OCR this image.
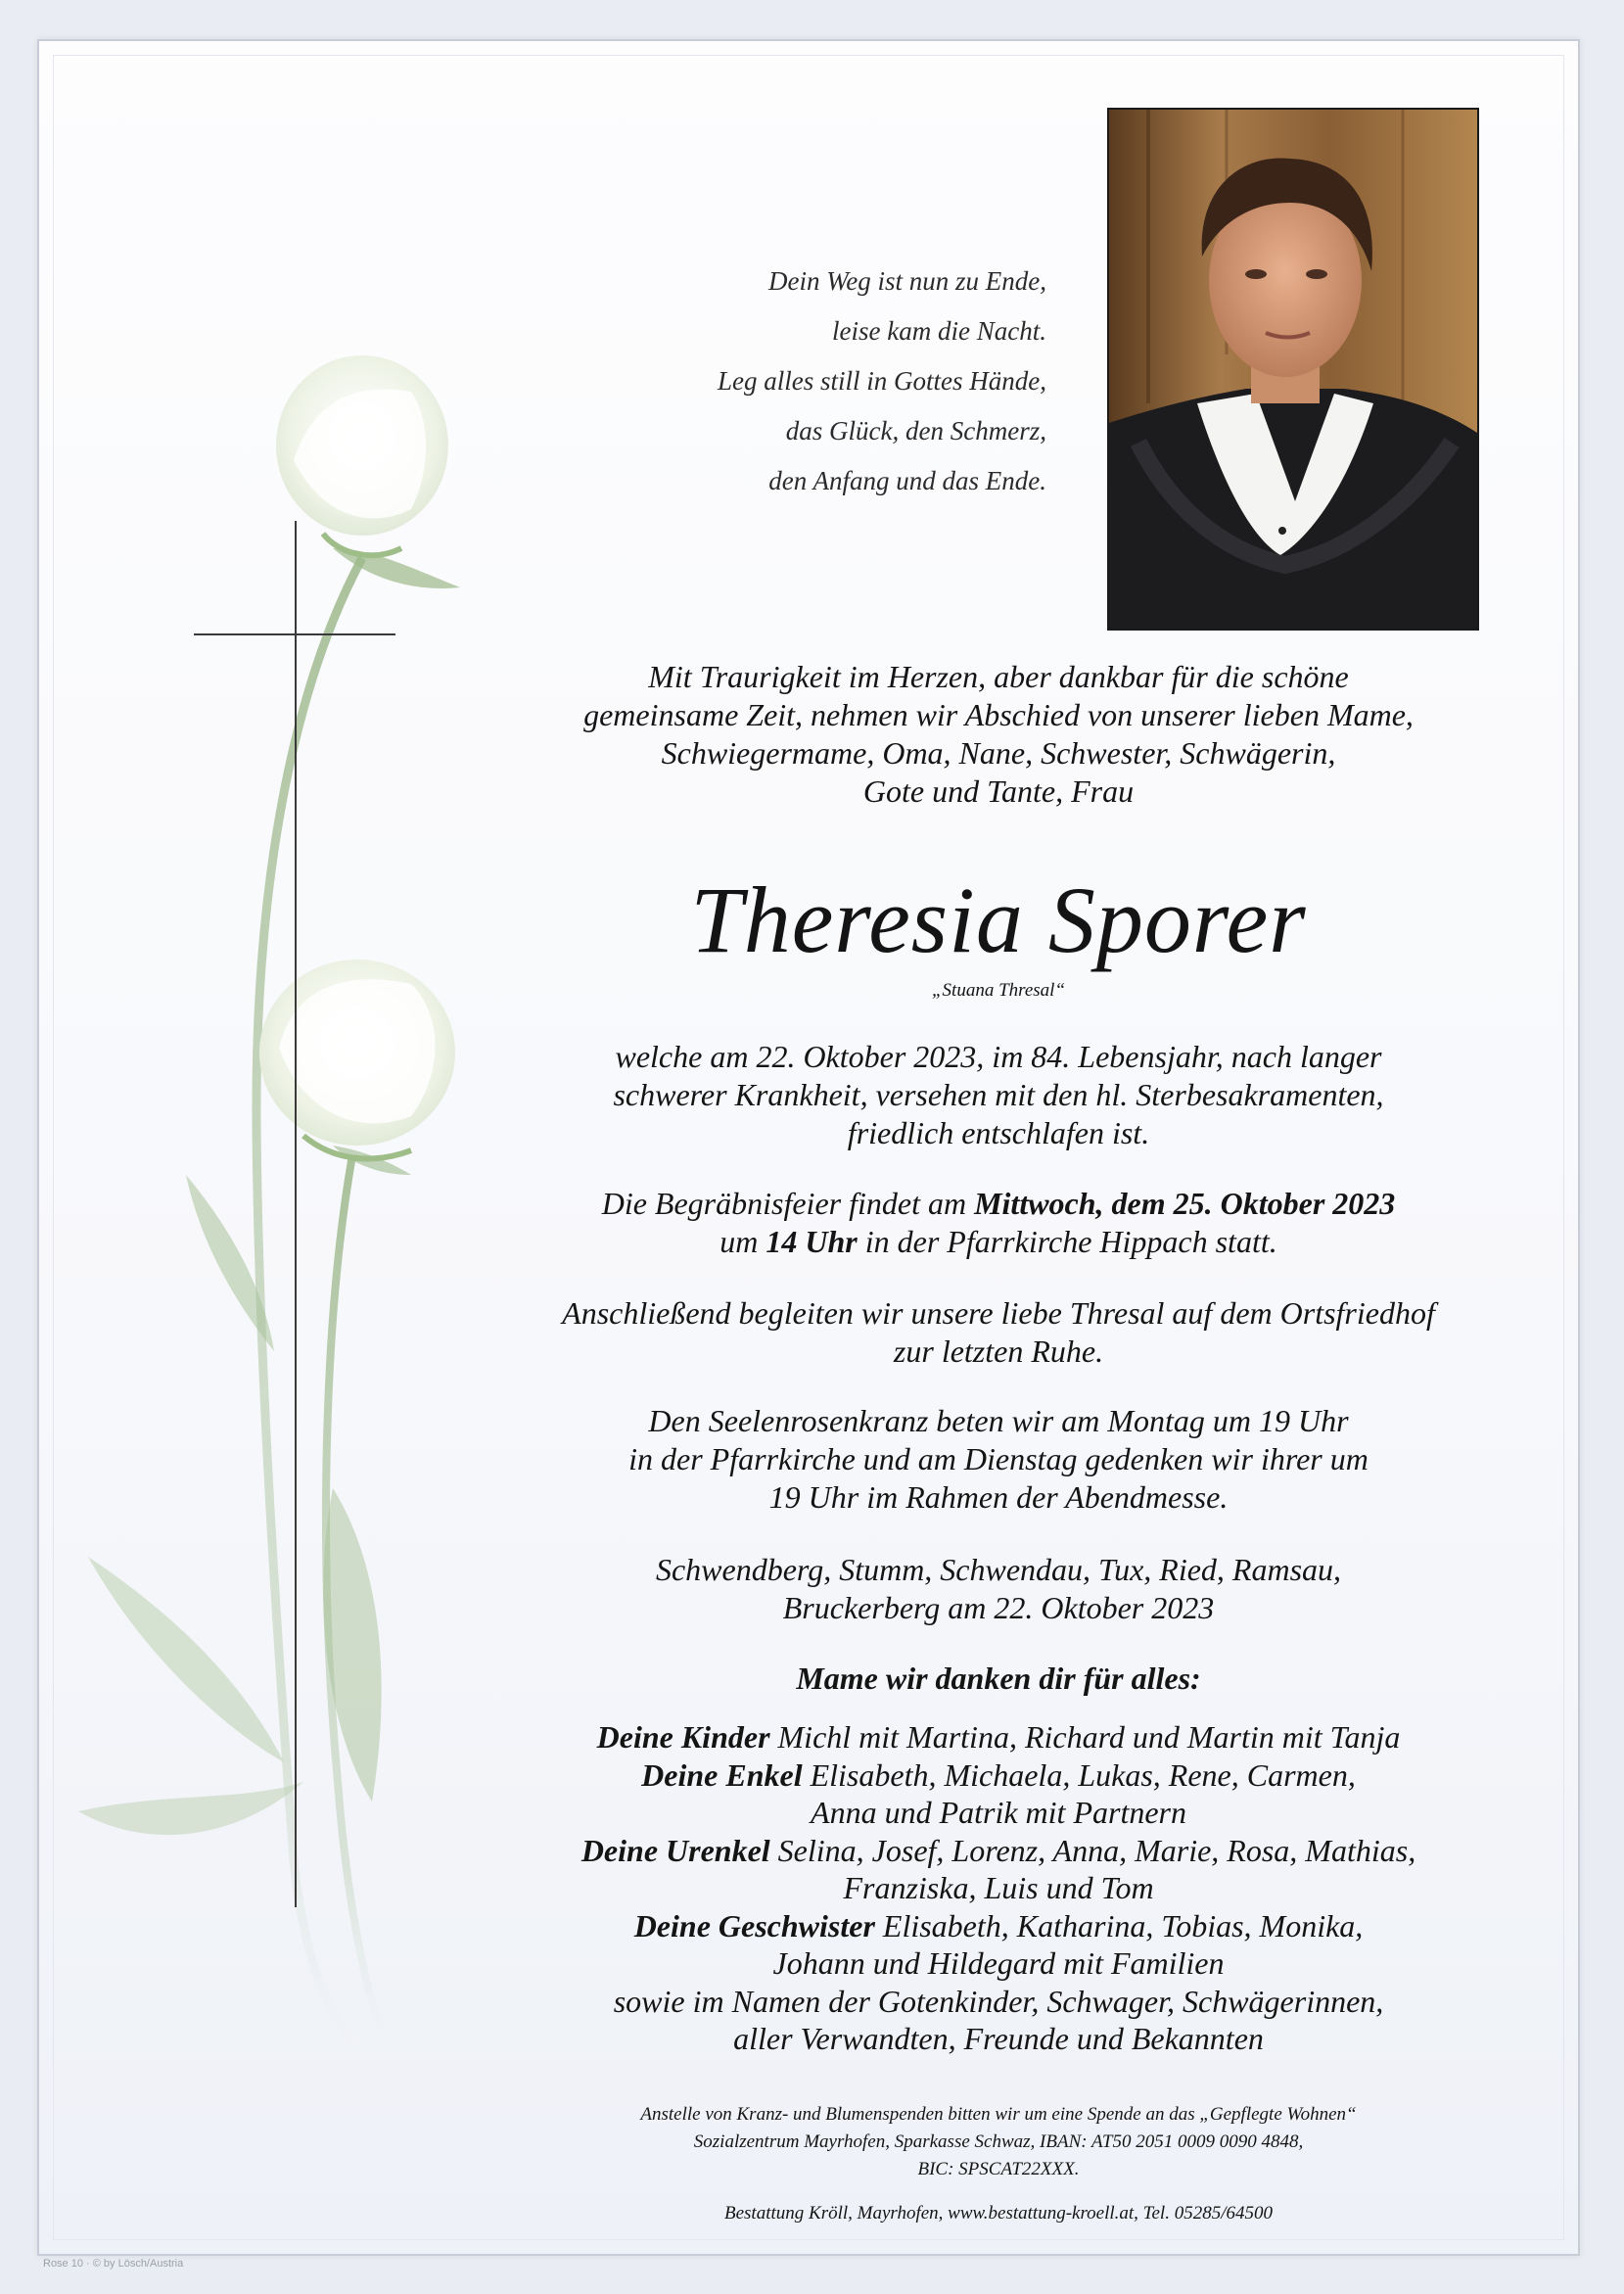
Dein Weg ist nun zu Ende,
leise kam die Nacht.
Leg alles still in Gottes Hände,
das Glück, den Schmerz,
den Anfang und das Ende.
Mit Traurigkeit im Herzen, aber dankbar für die schöne
gemeinsame Zeit, nehmen wir Abschied von unserer lieben Mame,
Schwiegermame, Oma, Nane, Schwester, Schwägerin,
Gote und Tante, Frau
Theresia Sporer
„Stuana Thresal“
welche am 22. Oktober 2023, im 84. Lebensjahr, nach langer
schwerer Krankheit, versehen mit den hl. Sterbesakramenten,
friedlich entschlafen ist.
Die Begräbnisfeier findet am Mittwoch, dem 25. Oktober 2023
um 14 Uhr in der Pfarrkirche Hippach statt.
Anschließend begleiten wir unsere liebe Thresal auf dem Ortsfriedhof
zur letzten Ruhe.
Den Seelenrosenkranz beten wir am Montag um 19 Uhr
in der Pfarrkirche und am Dienstag gedenken wir ihrer um
19 Uhr im Rahmen der Abendmesse.
Schwendberg, Stumm, Schwendau, Tux, Ried, Ramsau,
Bruckerberg am 22. Oktober 2023
Mame wir danken dir für alles:
Deine Kinder Michl mit Martina, Richard und Martin mit Tanja
Deine Enkel Elisabeth, Michaela, Lukas, Rene, Carmen,
Anna und Patrik mit Partnern
Deine Urenkel Selina, Josef, Lorenz, Anna, Marie, Rosa, Mathias,
Franziska, Luis und Tom
Deine Geschwister Elisabeth, Katharina, Tobias, Monika,
Johann und Hildegard mit Familien
sowie im Namen der Gotenkinder, Schwager, Schwägerinnen,
aller Verwandten, Freunde und Bekannten
Anstelle von Kranz- und Blumenspenden bitten wir um eine Spende an das „Gepflegte Wohnen“
Sozialzentrum Mayrhofen, Sparkasse Schwaz, IBAN: AT50 2051 0009 0090 4848,
BIC: SPSCAT22XXX.
Bestattung Kröll, Mayrhofen, www.bestattung-kroell.at, Tel. 05285/64500
Rose 10 · © by Lösch/Austria
